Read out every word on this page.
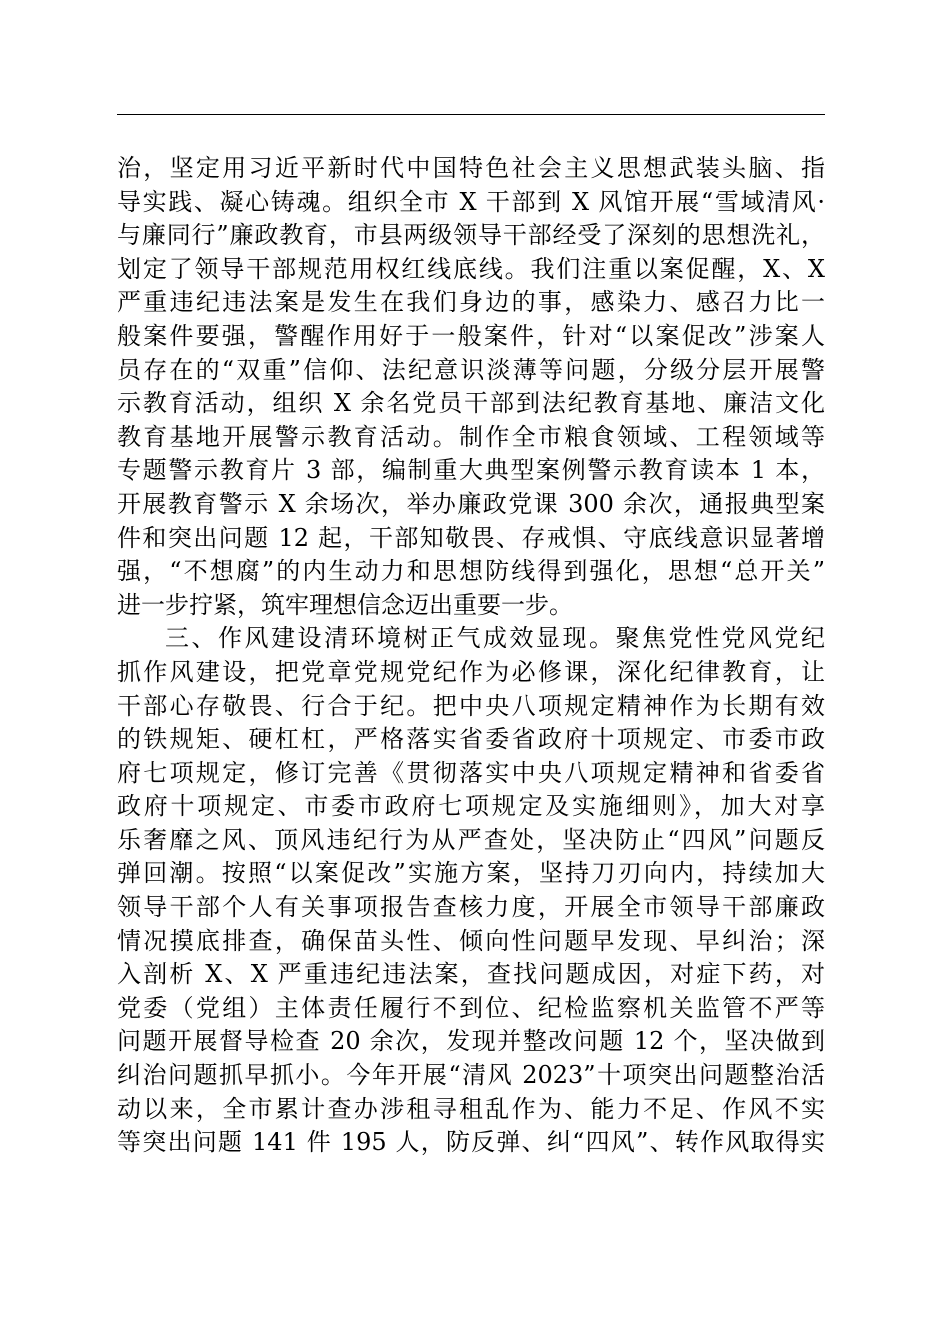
治，坚定用习近平新时代中国特色社会主义思想武装头脑、指
导实践、凝心铸魂。组织全市 X 干部到 X 风馆开展“雪域清风·
与廉同行”廉政教育，市县两级领导干部经受了深刻的思想洗礼，
划定了领导干部规范用权红线底线。我们注重以案促醒，X、X
严重违纪违法案是发生在我们身边的事，感染力、感召力比一
般案件要强，警醒作用好于一般案件，针对“以案促改”涉案人
员存在的“双重”信仰、法纪意识淡薄等问题，分级分层开展警
示教育活动，组织 X 余名党员干部到法纪教育基地、廉洁文化
教育基地开展警示教育活动。制作全市粮食领域、工程领域等
专题警示教育片 3 部，编制重大典型案例警示教育读本 1 本，
开展教育警示 X 余场次，举办廉政党课 300 余次，通报典型案
件和突出问题 12 起，干部知敬畏、存戒惧、守底线意识显著增
强，“不想腐”的内生动力和思想防线得到强化，思想“总开关”
进一步拧紧，筑牢理想信念迈出重要一步。
三、作风建设清环境树正气成效显现。聚焦党性党风党纪
抓作风建设，把党章党规党纪作为必修课，深化纪律教育，让
干部心存敬畏、行合于纪。把中央八项规定精神作为长期有效
的铁规矩、硬杠杠，严格落实省委省政府十项规定、市委市政
府七项规定，修订完善《贯彻落实中央八项规定精神和省委省
政府十项规定、市委市政府七项规定及实施细则》，加大对享
乐奢靡之风、顶风违纪行为从严查处，坚决防止“四风”问题反
弹回潮。按照“以案促改”实施方案，坚持刀刃向内，持续加大
领导干部个人有关事项报告查核力度，开展全市领导干部廉政
情况摸底排查，确保苗头性、倾向性问题早发现、早纠治；深
入剖析 X、X 严重违纪违法案，查找问题成因，对症下药，对
党委（党组）主体责任履行不到位、纪检监察机关监管不严等
问题开展督导检查 20 余次，发现并整改问题 12 个，坚决做到
纠治问题抓早抓小。今年开展“清风 2023”十项突出问题整治活
动以来，全市累计查办涉租寻租乱作为、能力不足、作风不实
等突出问题 141 件 195 人，防反弹、纠“四风”、转作风取得实
